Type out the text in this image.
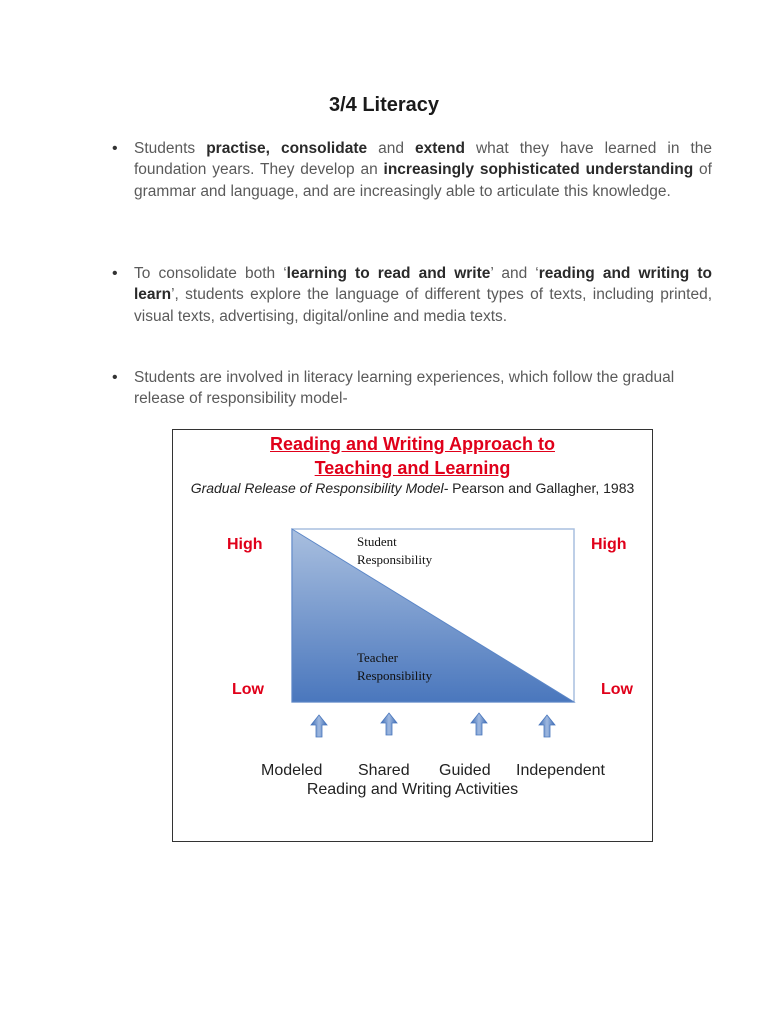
3/4 Literacy
• Students practise, consolidate and extend what they have learned in the foundation years. They develop an increasingly sophisticated understanding of grammar and language, and are increasingly able to articulate this knowledge.
• To consolidate both ‘learning to read and write’ and ‘reading and writing to learn’, students explore the language of different types of texts, including printed, visual texts, advertising, digital/online and media texts.
• Students are involved in literacy learning experiences, which follow the gradual release of responsibility model-
Reading and Writing Approach to
Teaching and Learning
Gradual Release of Responsibility Model- Pearson and Gallagher, 1983
High	High
Low	Low
Student
Responsibility
Teacher
Responsibility
Modeled Shared Guided Independent
Reading and Writing Activities
